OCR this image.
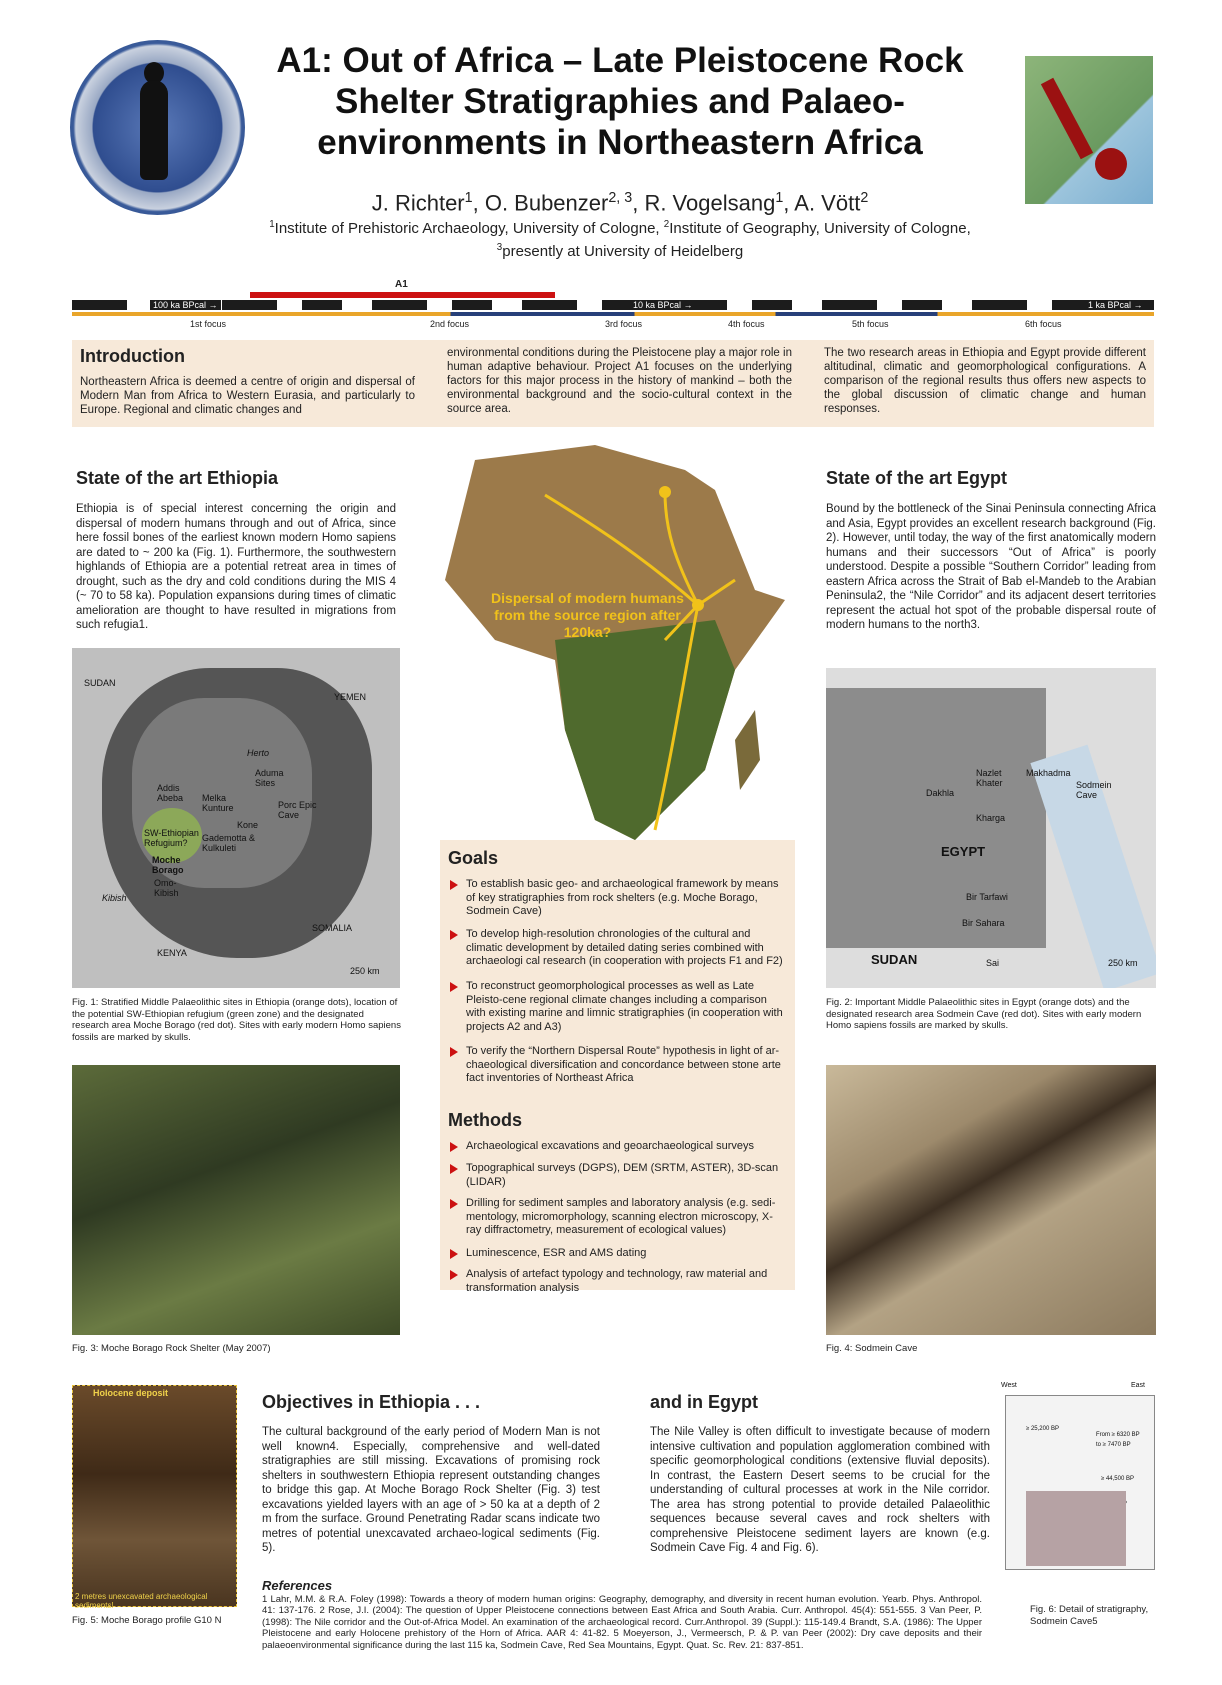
A1: Out of Africa – Late Pleistocene Rock Shelter Stratigraphies and Palaeo-environments in Northeastern Africa
J. Richter$^1$, O. Bubenzer$^{2, 3}$, R. Vogelsang$^1$, A. Vött$^2$
$^1$Institute of Prehistoric Archaeology, University of Cologne, $^2$Institute of Geography, University of Cologne, $^3$presently at University of Heidelberg
A1
100 ka BPcal →	10 ka BPcal →	1 ka BPcal →
1st focus	2nd focus	3rd focus	4th focus	5th focus	6th focus
Introduction
Northeastern Africa is deemed a centre of origin and dispersal of Modern Man from Africa to Western Eurasia, and particularly to Europe. Regional and climatic changes and
environmental conditions during the Pleistocene play a major role in human adaptive behaviour. Project A1 focuses on the underlying factors for this major process in the history of mankind – both the environmental background and the socio-cultural context in the source area.
The two research areas in Ethiopia and Egypt provide different altitudinal, climatic and geomorphological configurations. A comparison of the regional results thus offers new aspects to the global discussion of climatic change and human responses.
State of the art Ethiopia
Ethiopia is of special interest concerning the origin and dispersal of modern humans through and out of Africa, since here fossil bones of the earliest known modern Homo sapiens are dated to ~ 200 ka (Fig. 1). Furthermore, the southwestern highlands of Ethiopia are a potential retreat area in times of drought, such as the dry and cold conditions during the MIS 4 (~ 70 to 58 ka). Population expansions during times of climatic amelioration are thought to have resulted in migrations from such refugia1.
SUDAN
YEMEN
Herto
Aduma Sites
Addis Abeba	Melka Kunture	Porc Epic Cave
Kone
Gademotta & Kulkuleti
SW-Ethiopian Refugium?
Moche Borago
Omo-Kibish
Kibish
SOMALIA
KENYA
250 km
Fig. 1: Stratified Middle Palaeolithic sites in Ethiopia (orange dots), location of the potential SW-Ethiopian refugium (green zone) and the designated research area Moche Borago (red dot). Sites with early modern Homo sapiens fossils are marked by skulls.
Fig. 3: Moche Borago Rock Shelter (May 2007)
Dispersal of modern humans from the source region after 120ka?
State of the art Egypt
Bound by the bottleneck of the Sinai Peninsula connecting Africa and Asia, Egypt provides an excellent research background (Fig. 2). However, until today, the way of the first anatomically modern humans and their successors “Out of Africa” is poorly understood. Despite a possible “Southern Corridor” leading from eastern Africa across the Strait of Bab el-Mandeb to the Arabian Peninsula2, the “Nile Corridor” and its adjacent desert territories represent the actual hot spot of the probable dispersal route of modern humans to the north3.
Nazlet Khater
Makhadma
Sodmein Cave
Dakhla
Kharga
EGYPT
Bir Tarfawi
Bir Sahara
SUDAN	Sai	250 km
Fig. 2: Important Middle Palaeolithic sites in Egypt (orange dots) and the designated research area Sodmein Cave (red dot). Sites with early modern Homo sapiens fossils are marked by skulls.
Fig. 4: Sodmein Cave
Goals
To establish basic geo- and archaeological framework by means of key stratigraphies from rock shelters (e.g. Moche Borago, Sodmein Cave)
To develop high-resolution chronologies of the cultural and climatic development by detailed dating series combined with archaeologi cal research (in cooperation with projects F1 and F2)
To reconstruct geomorphological processes as well as Late Pleisto-cene regional climate changes including a comparison with existing marine and limnic stratigraphies (in cooperation with projects A2 and A3)
To verify the “Northern Dispersal Route” hypothesis in light of ar-chaeological diversification and concordance between stone arte fact inventories of Northeast Africa
Methods
Archaeological excavations and geoarchaeological surveys
Topographical surveys (DGPS), DEM (SRTM, ASTER), 3D-scan (LIDAR)
Drilling for sediment samples and laboratory analysis (e.g. sedi-mentology, micromorphology, scanning electron microscopy, X-ray diffractometry, measurement of ecological values)
Luminescence, ESR and AMS dating
Analysis of artefact typology and technology, raw material and transformation analysis
Holocene deposit
2 metres unexcavated archaeological sediments!
Fig. 5: Moche Borago profile G10 N
Objectives in Ethiopia . . .
The cultural background of the early period of Modern Man is not well known4. Especially, comprehensive and well-dated stratigraphies are still missing. Excavations of promising rock shelters in southwestern Ethiopia represent outstanding changes to bridge this gap. At Moche Borago Rock Shelter (Fig. 3) test excavations yielded layers with an age of > 50 ka at a depth of 2 m from the surface. Ground Penetrating Radar scans indicate two metres of potential unexcavated archaeo-logical sediments (Fig. 5).
and in Egypt
The Nile Valley is often difficult to investigate because of modern intensive cultivation and population agglomeration combined with specific geomorphological conditions (extensive fluvial deposits). In contrast, the Eastern Desert seems to be crucial for the understanding of cultural processes at work in the Nile corridor. The area has strong potential to provide detailed Palaeolithic sequences because several caves and rock shelters with comprehensive Pleistocene sediment layers are known (e.g. Sodmein Cave Fig. 4 and Fig. 6).
West	East
≥ 25,200 BP
From ≥ 6320 BP
to ≥ 7470 BP
≥ 44,500 BP
Fig. 6: Detail of stratigraphy, Sodmein Cave5
References
1 Lahr, M.M. & R.A. Foley (1998): Towards a theory of modern human origins: Geography, demography, and diversity in recent human evolution. Yearb. Phys. Anthropol. 41: 137-176. 2 Rose, J.I. (2004): The question of Upper Pleistocene connections between East Africa and South Arabia. Curr. Anthropol. 45(4): 551-555. 3 Van Peer, P. (1998): The Nile corridor and the Out-of-Africa Model. An examination of the archaeological record. Curr.Anthropol. 39 (Suppl.): 115-149.4 Brandt, S.A. (1986): The Upper Pleistocene and early Holocene prehistory of the Horn of Africa. AAR 4: 41-82. 5 Moeyerson, J., Vermeersch, P. & P. van Peer (2002): Dry cave deposits and their palaeoenvironmental significance during the last 115 ka, Sodmein Cave, Red Sea Mountains, Egypt. Quat. Sc. Rev. 21: 837-851.
